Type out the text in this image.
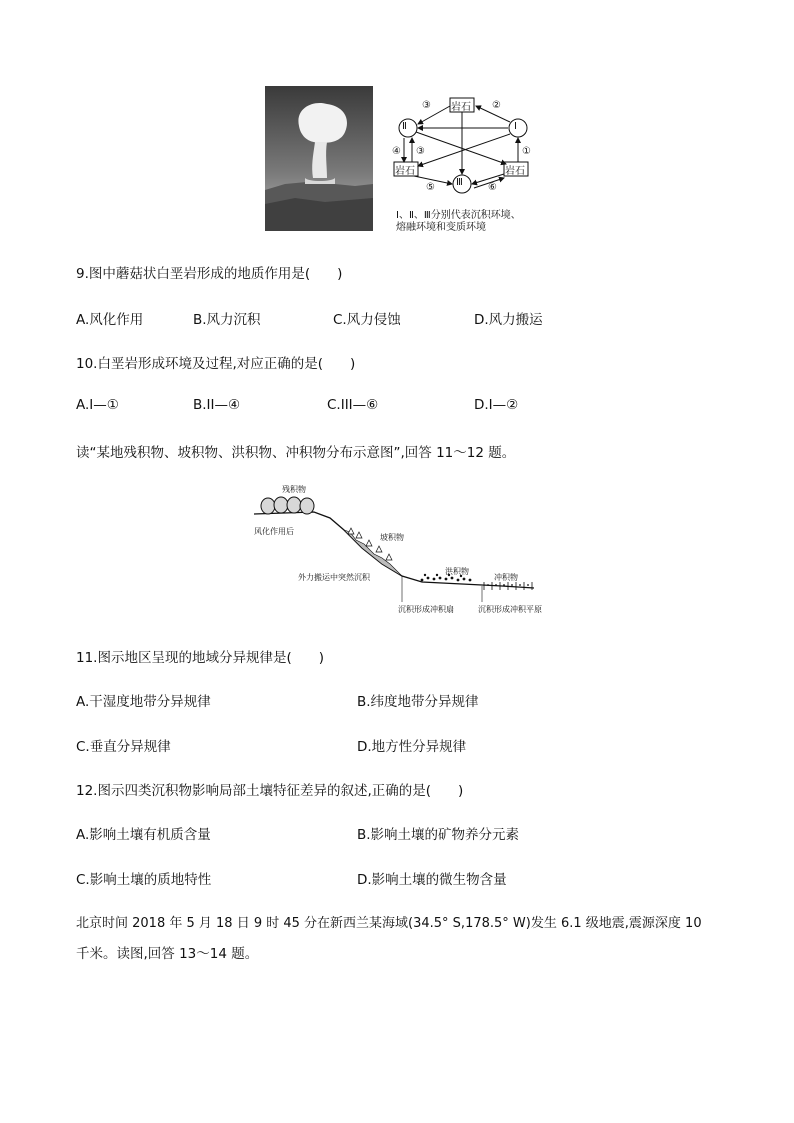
岩石
岩石	岩石
Ⅱ	Ⅰ
Ⅲ
③	②
④ ③	①
⑤	⑥
Ⅰ、Ⅱ、Ⅲ分别代表沉积环境、
熔融环境和变质环境
9.图中蘑菇状白垩岩形成的地质作用是(　　)
A.风化作用	B.风力沉积	C.风力侵蚀	D.风力搬运
10.白垩岩形成环境及过程,对应正确的是(　　)
A.I—①	B.II—④	C.III—⑥	D.I—②
读“某地残积物、坡积物、洪积物、冲积物分布示意图”,回答 11～12 题。
残积物
风化作用后
坡积物
外力搬运中突然沉积
洪积物
冲积物
沉积形成冲积扇	沉积形成冲积平原
11.图示地区呈现的地域分异规律是(　　)
A.干湿度地带分异规律	B.纬度地带分异规律
C.垂直分异规律	D.地方性分异规律
12.图示四类沉积物影响局部土壤特征差异的叙述,正确的是(　　)
A.影响土壤有机质含量	B.影响土壤的矿物养分元素
C.影响土壤的质地特性	D.影响土壤的微生物含量
北京时间 2018 年 5 月 18 日 9 时 45 分在新西兰某海域(34.5° S,178.5° W)发生 6.1 级地震,震源深度 10
千米。读图,回答 13～14 题。
